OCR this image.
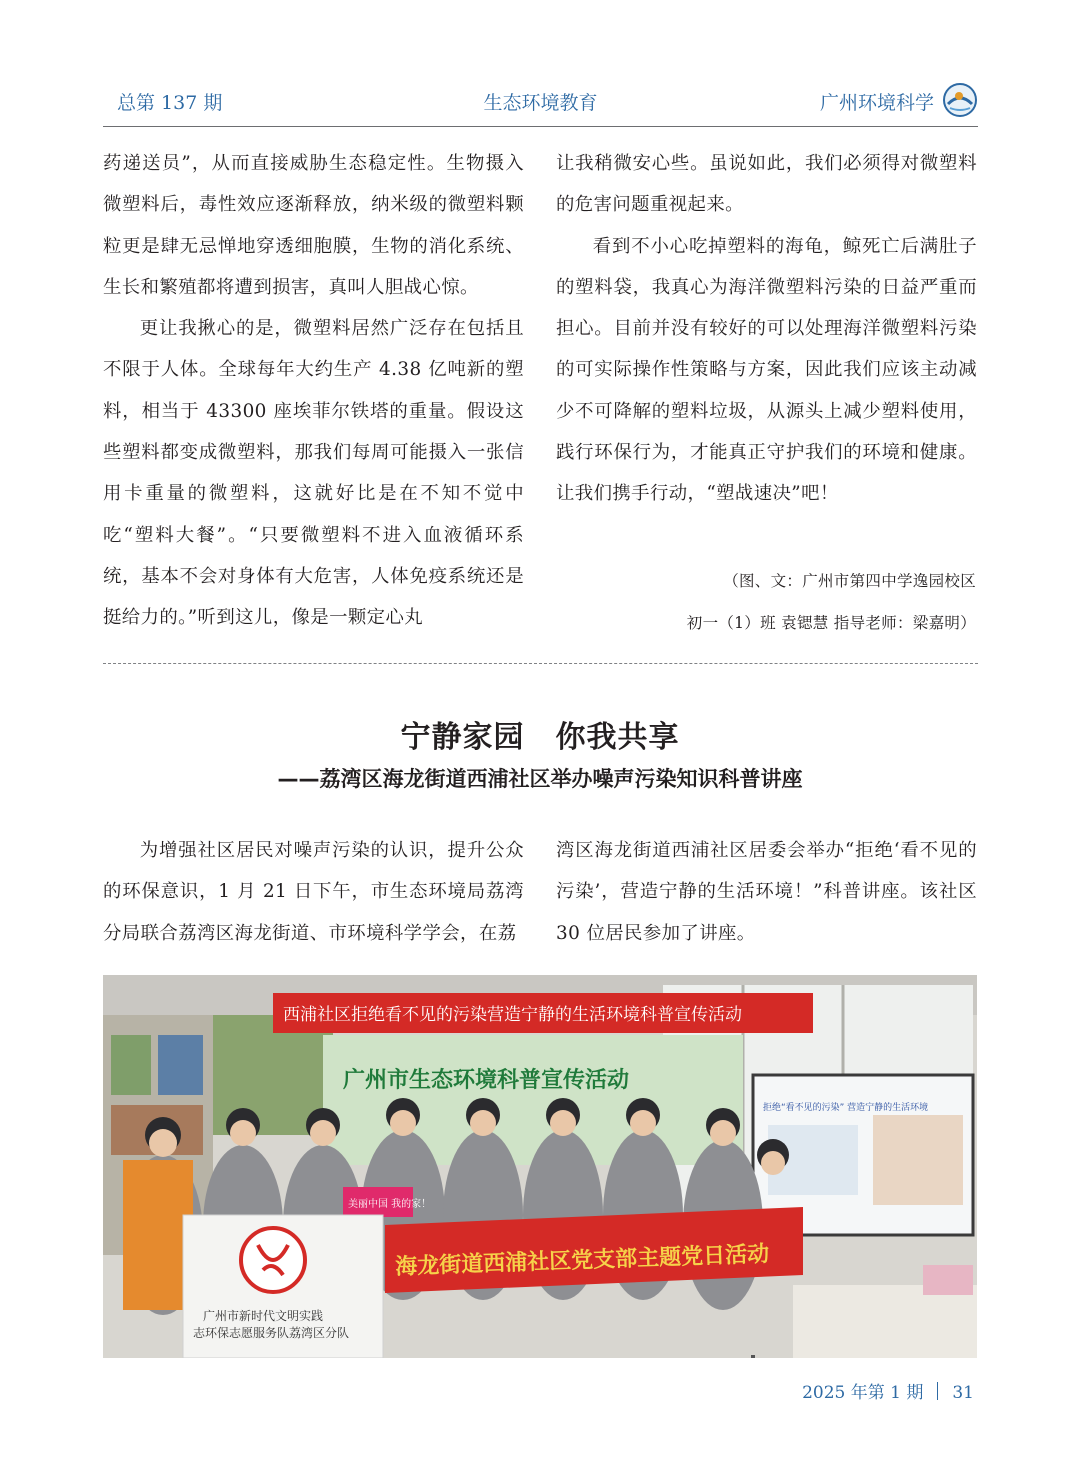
总第 137 期	生态环境教育	广州环境科学

药递送员”，从而直接威胁生态稳定性。生物摄入微塑料后，毒性效应逐渐释放，纳米级的微塑料颗粒更是肆无忌惮地穿透细胞膜，生物的消化系统、生长和繁殖都将遭到损害，真叫人胆战心惊。

更让我揪心的是，微塑料居然广泛存在包括且不限于人体。全球每年大约生产 4.38 亿吨新的塑料，相当于 43300 座埃菲尔铁塔的重量。假设这些塑料都变成微塑料，那我们每周可能摄入一张信用卡重量的微塑料，这就好比是在不知不觉中吃“塑料大餐”。“只要微塑料不进入血液循环系统，基本不会对身体有大危害，人体免疫系统还是挺给力的。”听到这儿，像是一颗定心丸

让我稍微安心些。虽说如此，我们必须得对微塑料的危害问题重视起来。

看到不小心吃掉塑料的海龟，鲸死亡后满肚子的塑料袋，我真心为海洋微塑料污染的日益严重而担心。目前并没有较好的可以处理海洋微塑料污染的可实际操作性策略与方案，因此我们应该主动减少不可降解的塑料垃圾，从源头上减少塑料使用，践行环保行为，才能真正守护我们的环境和健康。让我们携手行动，“塑战速决”吧！

（图、文：广州市第四中学逸园校区
初一（1）班 袁锶慧 指导老师：梁嘉明）
宁静家园　你我共享
——荔湾区海龙街道西浦社区举办噪声污染知识科普讲座

为增强社区居民对噪声污染的认识，提升公众的环保意识，1 月 21 日下午，市生态环境局荔湾分局联合荔湾区海龙街道、市环境科学学会，在荔

湾区海龙街道西浦社区居委会举办“拒绝‘看不见的污染’，营造宁静的生活环境！”科普讲座。该社区 30 位居民参加了讲座。

广州市生态环境科普宣传活动
西浦社区拒绝看不见的污染营造宁静的生活环境科普宣传活动
拒绝“看不见的污染” 营造宁静的生活环境
美丽中国 我的家！
广州市新时代文明实践
志环保志愿服务队荔湾区分队
海龙街道西浦社区党支部主题党日活动
2025 年第 1 期 31
